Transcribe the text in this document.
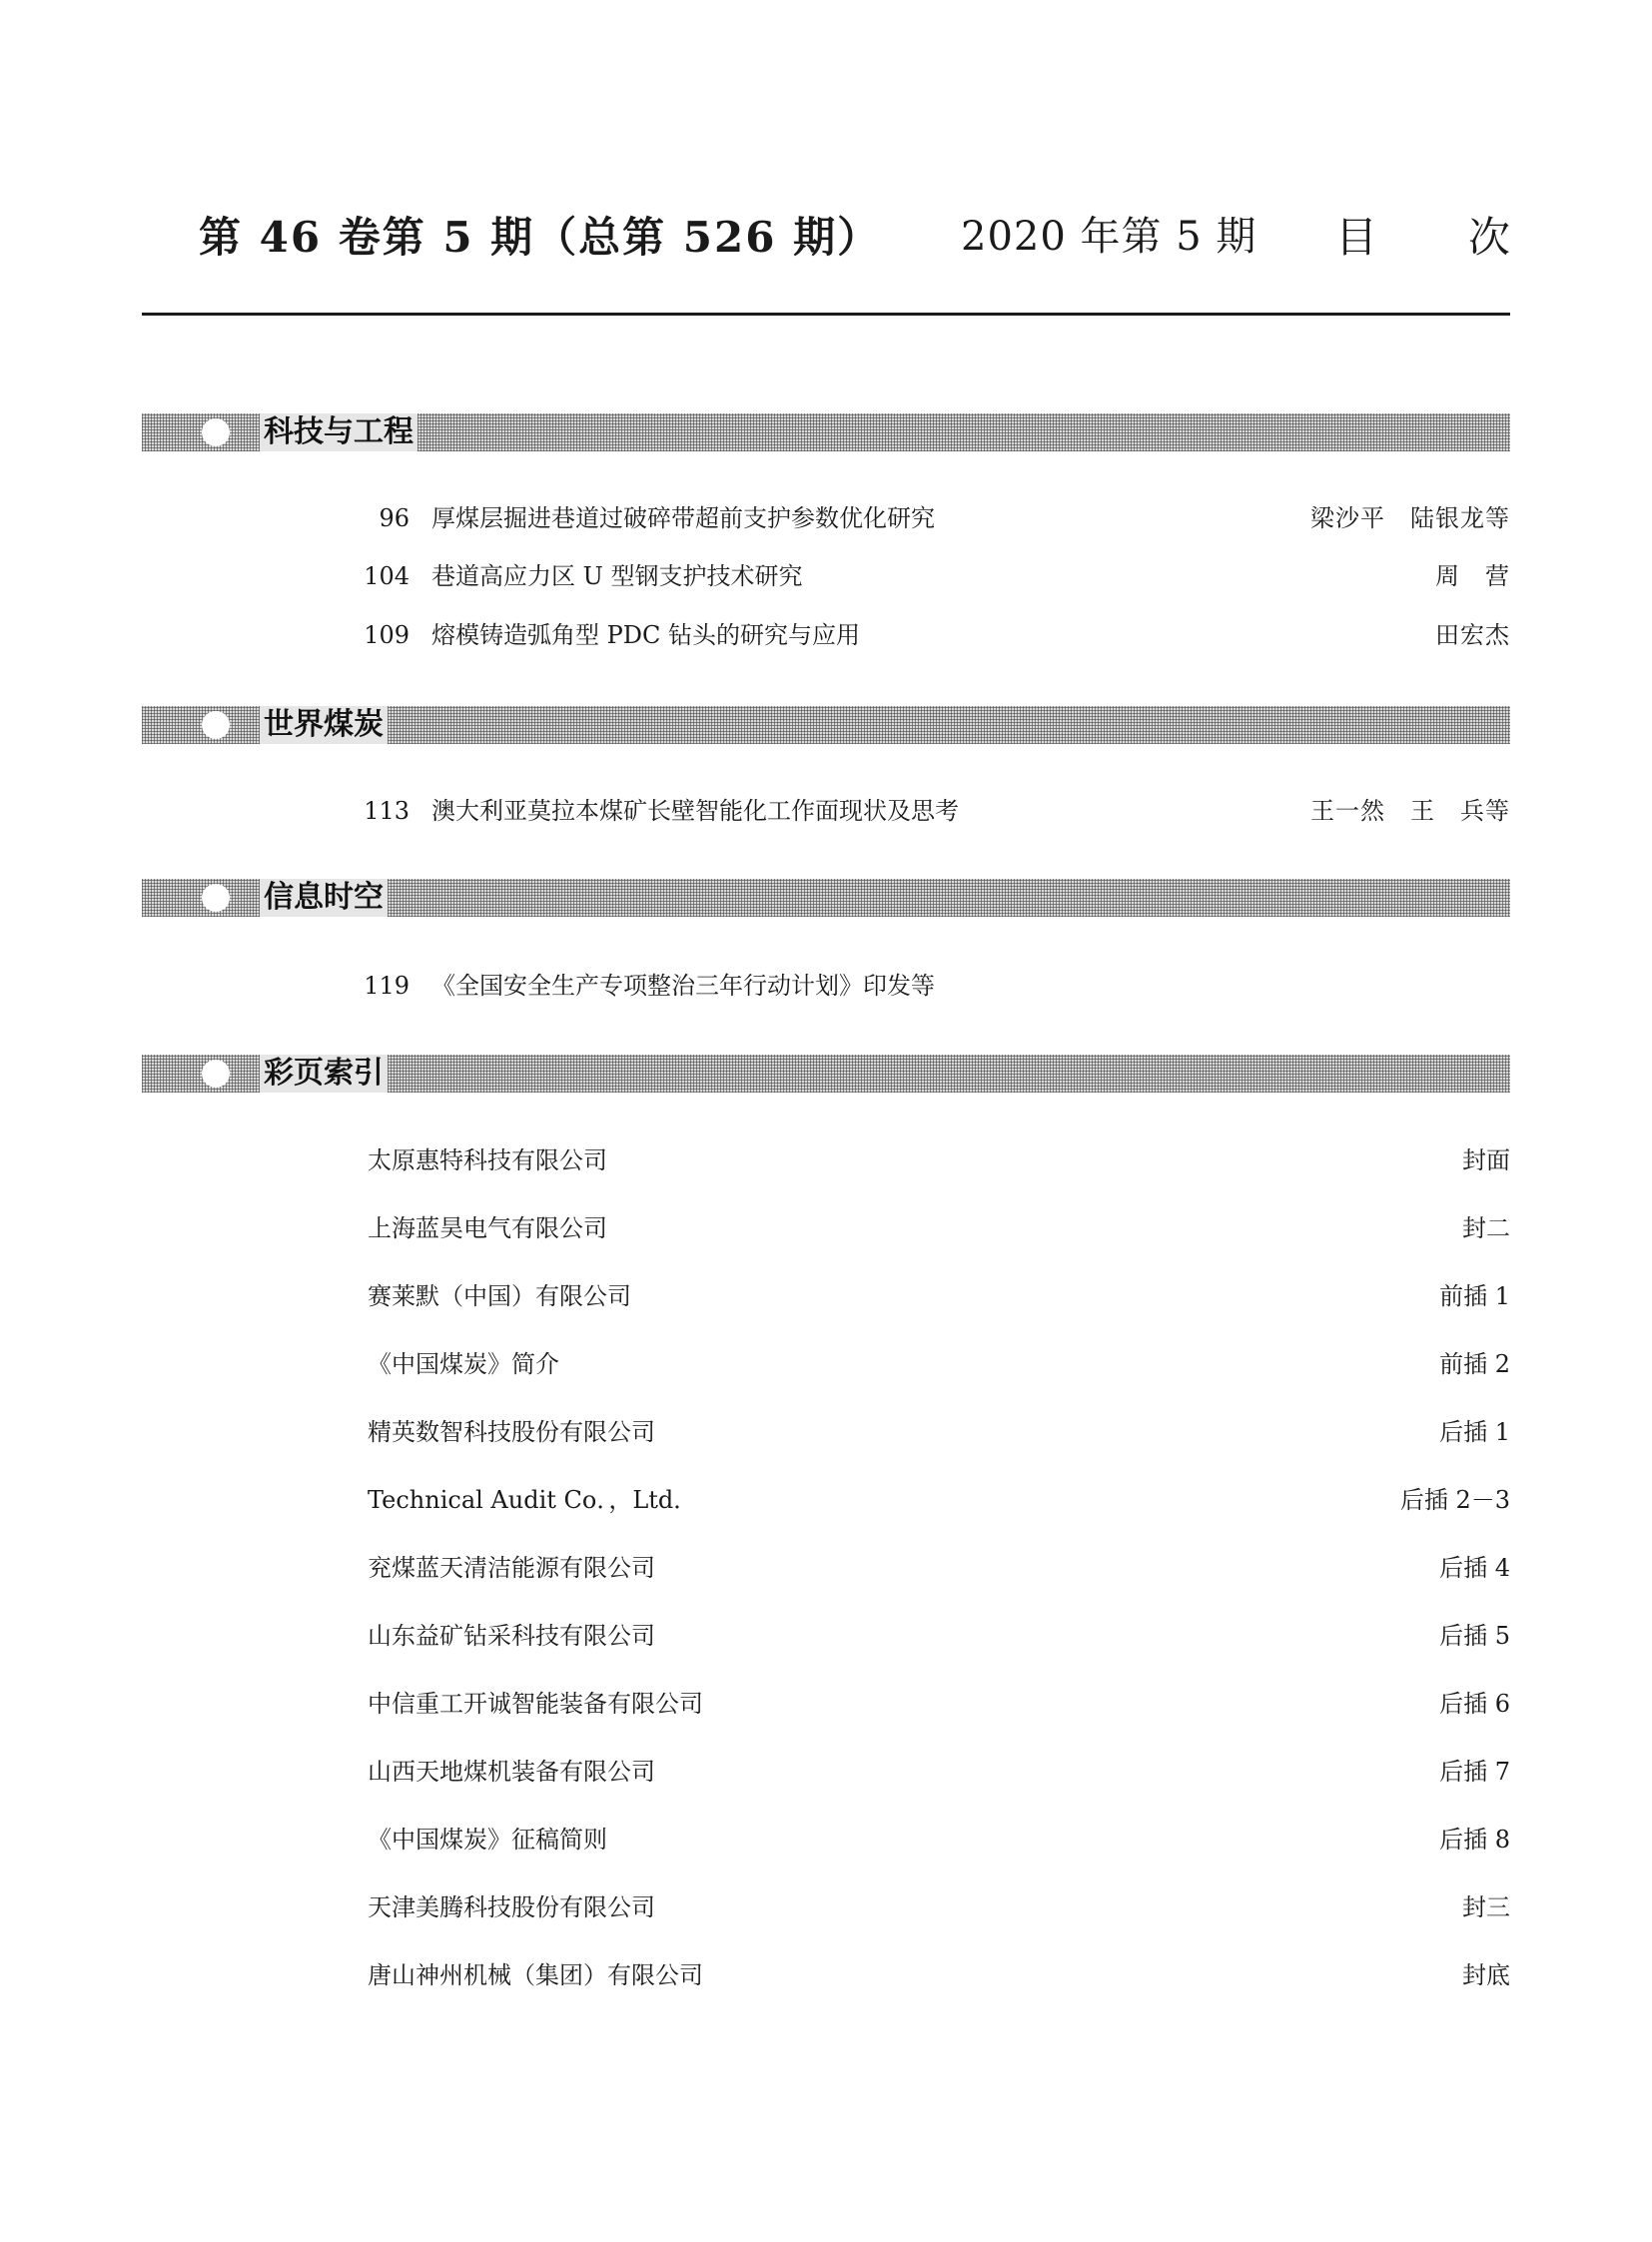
第 46 卷第 5 期（总第 526 期） 2020 年第 5 期 目 次
科技与工程
96 厚煤层掘进巷道过破碎带超前支护参数优化研究	梁沙平　陆银龙等
104 巷道高应力区 U 型钢支护技术研究	周　营
109 熔模铸造弧角型 PDC 钻头的研究与应用	田宏杰
世界煤炭
113 澳大利亚莫拉本煤矿长壁智能化工作面现状及思考	王一然　王　兵等
信息时空
119 《全国安全生产专项整治三年行动计划》印发等
彩页索引
太原惠特科技有限公司	封面
上海蓝昊电气有限公司	封二
赛莱默（中国）有限公司	前插 1
《中国煤炭》简介	前插 2
精英数智科技股份有限公司	后插 1
Technical Audit Co．，Ltd．	后插 2－3
兖煤蓝天清洁能源有限公司	后插 4
山东益矿钻采科技有限公司	后插 5
中信重工开诚智能装备有限公司	后插 6
山西天地煤机装备有限公司	后插 7
《中国煤炭》征稿简则	后插 8
天津美腾科技股份有限公司	封三
唐山神州机械（集团）有限公司	封底
